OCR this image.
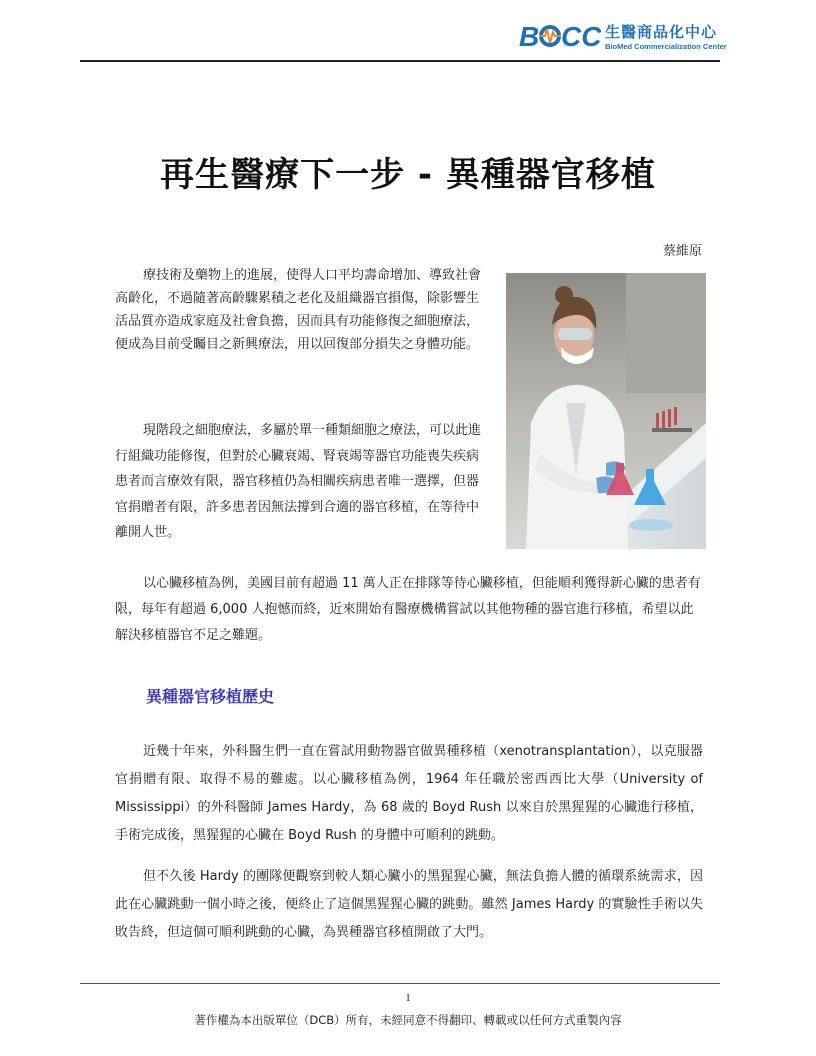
B CC 生醫商品化中心
BioMed Commercialization Center
再生醫療下一步 - 異種器官移植
蔡維原

療技術及藥物上的進展，使得人口平均壽命增加、導致社會高齡化，不過隨著高齡驟累積之老化及組織器官損傷，除影響生活品質亦造成家庭及社會負擔，因而具有功能修復之細胞療法，便成為目前受矚目之新興療法，用以回復部分損失之身體功能。

現階段之細胞療法，多屬於單一種類細胞之療法，可以此進行組織功能修復，但對於心臟衰竭、腎衰竭等器官功能喪失疾病患者而言療效有限，器官移植仍為相關疾病患者唯一選擇，但器官捐贈者有限，許多患者因無法撐到合適的器官移植，在等待中離開人世。

以心臟移植為例，美國目前有超過 11 萬人正在排隊等待心臟移植，但能順利獲得新心臟的患者有限，每年有超過 6,000 人抱憾而終，近來開始有醫療機構嘗試以其他物種的器官進行移植，希望以此解決移植器官不足之難題。

異種器官移植歷史

近幾十年來，外科醫生們一直在嘗試用動物器官做異種移植（xenotransplantation），以克服器官捐贈有限、取得不易的難處。以心臟移植為例，1964 年任職於密西西比大學（University of Mississippi）的外科醫師 James Hardy，為 68 歲的 Boyd Rush 以來自於黑猩猩的心臟進行移植，手術完成後，黑猩猩的心臟在 Boyd Rush 的身體中可順利的跳動。

但不久後 Hardy 的團隊便觀察到較人類心臟小的黑猩猩心臟，無法負擔人體的循環系統需求，因此在心臟跳動一個小時之後，便終止了這個黑猩猩心臟的跳動。雖然 James Hardy 的實驗性手術以失敗告終，但這個可順利跳動的心臟，為異種器官移植開啟了大門。

1
著作權為本出版單位（DCB）所有，未經同意不得翻印、轉載或以任何方式重製內容
